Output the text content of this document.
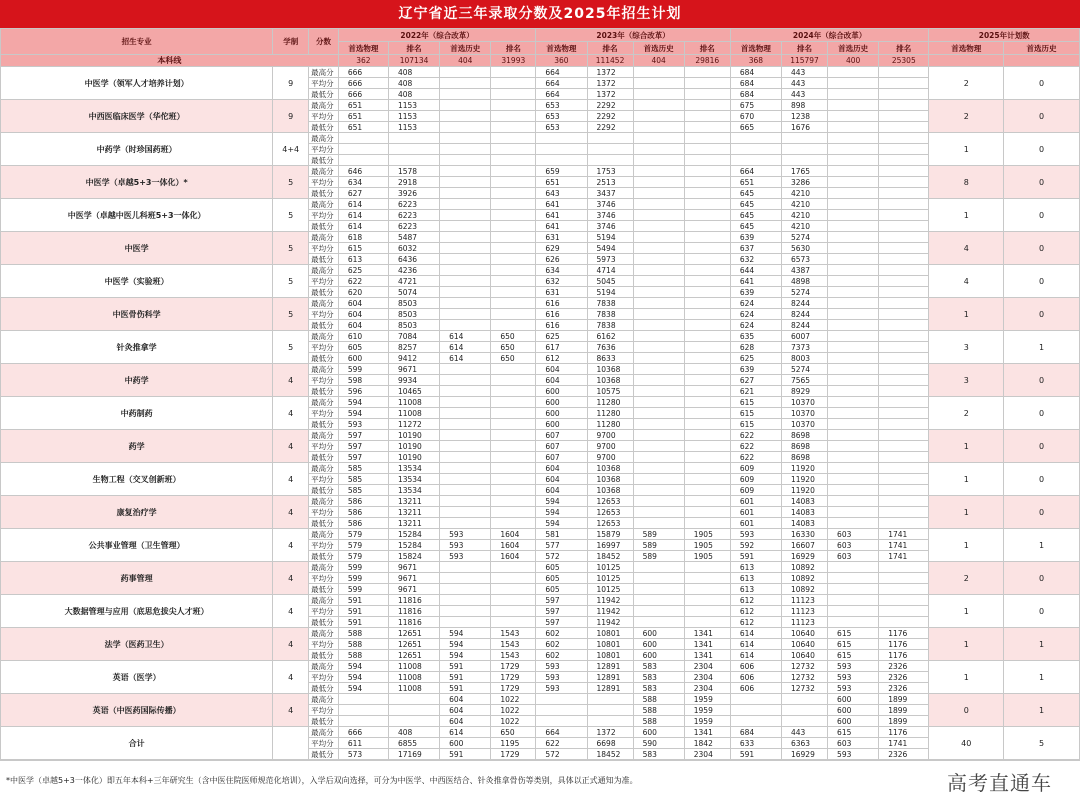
辽宁省近三年录取分数及2025年招生计划
招生专业	学制	分数	2022年（综合改革）				2023年（综合改革）				2024年（综合改革）				2025年计划数	
			首选物理	排名	首选历史	排名	首选物理	排名	首选历史	排名	首选物理	排名	首选历史	排名	首选物理	首选历史
本科线			362	107134	404	31993	360	111452	404	29816	368	115797	400	25305		
中医学（领军人才培养计划）	9	最高分	666	408			664	1372			684	443			2	0
		平均分	666	408			664	1372			684	443				
		最低分	666	408			664	1372			684	443				
中西医临床医学（华佗班）	9	最高分	651	1153			653	2292			675	898			2	0
		平均分	651	1153			653	2292			670	1238				
		最低分	651	1153			653	2292			665	1676				
中药学（时珍国药班）	4+4	最高分													1	0
		平均分														
		最低分														
中医学（卓越5+3一体化）*	5	最高分	646	1578			659	1753			664	1765			8	0
		平均分	634	2918			651	2513			651	3286				
		最低分	627	3926			643	3437			645	4210				
中医学（卓越中医儿科班5+3一体化）	5	最高分	614	6223			641	3746			645	4210			1	0
		平均分	614	6223			641	3746			645	4210				
		最低分	614	6223			641	3746			645	4210				
中医学	5	最高分	618	5487			631	5194			639	5274			4	0
		平均分	615	6032			629	5494			637	5630				
		最低分	613	6436			626	5973			632	6573				
中医学（实验班）	5	最高分	625	4236			634	4714			644	4387			4	0
		平均分	622	4721			632	5045			641	4898				
		最低分	620	5074			631	5194			639	5274				
中医骨伤科学	5	最高分	604	8503			616	7838			624	8244			1	0
		平均分	604	8503			616	7838			624	8244				
		最低分	604	8503			616	7838			624	8244				
针灸推拿学	5	最高分	610	7084	614	650	625	6162			635	6007			3	1
		平均分	605	8257	614	650	617	7636			628	7373				
		最低分	600	9412	614	650	612	8633			625	8003				
中药学	4	最高分	599	9671			604	10368			639	5274			3	0
		平均分	598	9934			604	10368			627	7565				
		最低分	596	10465			600	10575			621	8929				
中药制药	4	最高分	594	11008			600	11280			615	10370			2	0
		平均分	594	11008			600	11280			615	10370				
		最低分	593	11272			600	11280			615	10370				
药学	4	最高分	597	10190			607	9700			622	8698			1	0
		平均分	597	10190			607	9700			622	8698				
		最低分	597	10190			607	9700			622	8698				
生物工程（交叉创新班）	4	最高分	585	13534			604	10368			609	11920			1	0
		平均分	585	13534			604	10368			609	11920				
		最低分	585	13534			604	10368			609	11920				
康复治疗学	4	最高分	586	13211			594	12653			601	14083			1	0
		平均分	586	13211			594	12653			601	14083				
		最低分	586	13211			594	12653			601	14083				
公共事业管理（卫生管理）	4	最高分	579	15284	593	1604	581	15879	589	1905	593	16330	603	1741	1	1
		平均分	579	15284	593	1604	577	16997	589	1905	592	16607	603	1741		
		最低分	579	15824	593	1604	572	18452	589	1905	591	16929	603	1741		
药事管理	4	最高分	599	9671			605	10125			613	10892			2	0
		平均分	599	9671			605	10125			613	10892				
		最低分	599	9671			605	10125			613	10892				
大数据管理与应用（底思危拔尖人才班）	4	最高分	591	11816			597	11942			612	11123			1	0
		平均分	591	11816			597	11942			612	11123				
		最低分	591	11816			597	11942			612	11123				
法学（医药卫生）	4	最高分	588	12651	594	1543	602	10801	600	1341	614	10640	615	1176	1	1
		平均分	588	12651	594	1543	602	10801	600	1341	614	10640	615	1176		
		最低分	588	12651	594	1543	602	10801	600	1341	614	10640	615	1176		
英语（医学）	4	最高分	594	11008	591	1729	593	12891	583	2304	606	12732	593	2326	1	1
		平均分	594	11008	591	1729	593	12891	583	2304	606	12732	593	2326		
		最低分	594	11008	591	1729	593	12891	583	2304	606	12732	593	2326		
英语（中医药国际传播）	4	最高分			604	1022			588	1959			600	1899	0	1
		平均分			604	1022			588	1959			600	1899		
		最低分			604	1022			588	1959			600	1899		
合计		最高分	666	408	614	650	664	1372	600	1341	684	443	615	1176	40	5
		平均分	611	6855	600	1195	622	6698	590	1842	633	6363	603	1741		
		最低分	573	17169	591	1729	572	18452	583	2304	591	16929	593	2326		
*中医学（卓越5+3一体化）即五年本科+三年研究生（含中医住院医师规范化培训），入学后双向选择，可分为中医学、中西医结合、针灸推拿骨伤等类别，具体以正式通知为准。	高考直通车
